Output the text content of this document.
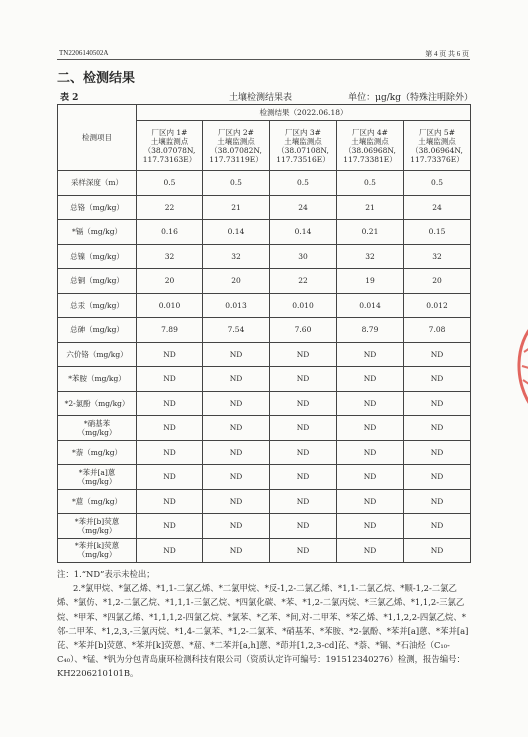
TN2206140502A	第 4 页 共 6 页
二、检测结果
表 2	土壤检测结果表	单位：μg/kg（特殊注明除外）
检测项目	检测结果（2022.06.18）				
	厂区内 1#
土壤监测点
（38.07078N,
117.73163E）	厂区内 2#
土壤监测点
（38.07082N,
117.73119E）	厂区内 3#
土壤监测点
（38.07108N,
117.73516E）	厂区内 4#
土壤监测点
（38.06968N,
117.73381E）	厂区内 5#
土壤监测点
（38.06964N,
117.73376E）
采样深度（m）	0.5	0.5	0.5	0.5	0.5
总铬（mg/kg）	22	21	24	21	24
*镉（mg/kg）	0.16	0.14	0.14	0.21	0.15
总镍（mg/kg）	32	32	30	32	32
总铜（mg/kg）	20	20	22	19	20
总汞（mg/kg）	0.010	0.013	0.010	0.014	0.012
总砷（mg/kg）	7.89	7.54	7.60	8.79	7.08
六价铬（mg/kg）	ND	ND	ND	ND	ND
*苯胺（mg/kg）	ND	ND	ND	ND	ND
*2-氯酚（mg/kg）	ND	ND	ND	ND	ND
*硝基苯
（mg/kg）	ND	ND	ND	ND	ND
*萘（mg/kg）	ND	ND	ND	ND	ND
*苯并[a]蒽
（mg/kg）	ND	ND	ND	ND	ND
*䓛（mg/kg）	ND	ND	ND	ND	ND
*苯并[b]荧蒽
（mg/kg）	ND	ND	ND	ND	ND
*苯并[k]荧蒽
（mg/kg）	ND	ND	ND	ND	ND

注：1.“ND”表示未检出；

2.*氯甲烷、*氯乙烯、*1,1-二氯乙烯、*二氯甲烷、*反-1,2-二氯乙烯、*1,1-二氯乙烷、*顺-1,2-二氯乙烯、*氯仿、*1,2-二氯乙烷、*1,1,1-三氯乙烷、*四氯化碳、*苯、*1,2-二氯丙烷、*三氯乙烯、*1,1,2-三氯乙烷、*甲苯、*四氯乙烯、*1,1,1,2-四氯乙烷、*氯苯、*乙苯、*间,对-二甲苯、*苯乙烯、*1,1,2,2-四氯乙烷、*邻-二甲苯、*1,2,3,-三氯丙烷、*1,4-二氯苯、*1,2-二氯苯、*硝基苯、*苯胺、*2-氯酚、*苯并[a]蒽、*苯并[a]芘、*苯并[b]荧蒽、*苯并[k]荧蒽、*䓛、*二苯并[a,h]蒽、*茚并[1,2,3-cd]芘、*萘、*镉、*石油烃（C₁₀-C₄₀）、*锰、*钒为分包青岛康环检测科技有限公司（资质认定许可编号：191512340276）检测，报告编号：KH2206210101B。
